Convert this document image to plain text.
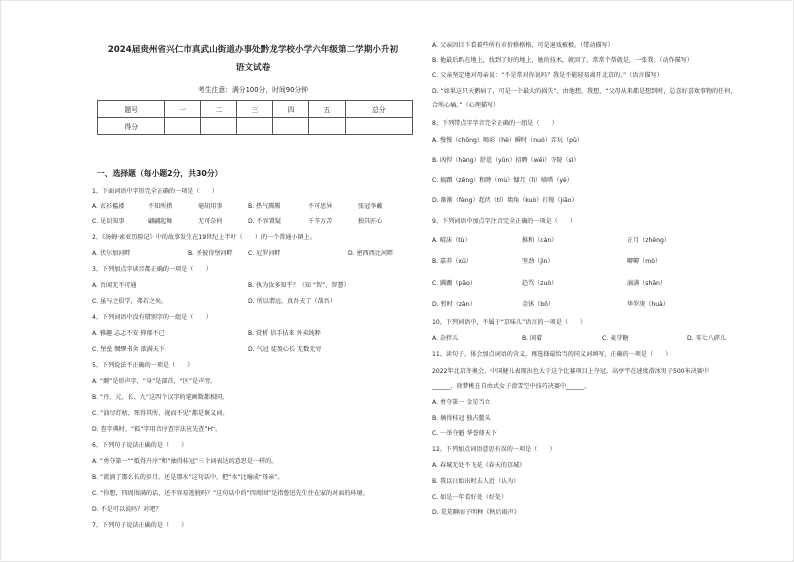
2024届贵州省兴仁市真武山街道办事处黔龙学校小学六年级第二学期小升初
语文试卷
考生注意：满分100分，时间90分钟
题号	一	二	三	四	五	总分
得分						
一、选择题（每小题2分，共30分）
1、下面词语中字形完全正确的一项是（　　）
A. 衣衫褴褛	不知所措	毫胡用事	B. 热气腾腾	不可思异	张冠李戴
C. 见识知事	翩翩起舞	无可奈何	D. 不容置疑	千辛万苦	独具匠心
2、《汤姆·索亚历险记》中的故事发生在19世纪上半叶（　　）的一个普通小镇上。
A. 伏尔加河畔	B. 圣彼得堡河畔	C. 尼罗河畔	D. 密西西比河畔
3、下列加点字读音都正确的一项是（　　）
A. 吾闻无不可通	B. 执为汝多知乎？（知 “智”，智慧）
C. 虽与之俱学，弗若之矣。	D. 所以谓远，真吾天了（哉吾）
4、下列词语中没有错别字的一组是（　　）
A. 雅趣 忐忑不安 抑郁不已	B. 赏析 信手拈来 外卖纯粹
C. 堡垒 绸缪书舍 欲满天下	D. 气冠 徒盈心长 无数无穷
5、下列说法不正确的一项是（　　）
A. “颠”是形声字，“身”是部首，“区”是声旁。
B. “丹、元、长、九”这四个汉字的笔画数都相同。
C. “油尽灯枯、死得其所、视而不见”都是褒义词。
D. 查字典时，“狐”字用音序查字法应先查“H”。
6、下列句子说法正确的是（　　）
A. “勇夺第一”“抵得升序”和“抽得桂冠”三个词表达的意思是一样的。
B. “流淌了那么长的岁月，还是那水”这句话中，把“水”比喻成“母亲”。
C. “你想，四周围满的话，还不容易逃脱吗？”这句话中的“四周围”是指鲁迅先生住在家的对面的环境。
D. 不是可以说吗？对吧？
7、下列句子说法正确的是（　　）
A. 父亲因目下看着些所有市价格格格，可是退戏被极。（带动描写）
B. 他最后趴在地上，找到了好的地上，她的技术，就回了，常常个帮就是，一张我。（动作描写）
C. 父亲坚定地对母亲说：“不是常对你说吗？我是不能轻易离开北京的。”（语言描写）
D. “如果这只天鹅病了，可是一个最大的损失”，由他想，我想，“父母从来都是想到时，总喜好喜欢事物的任何，
合所心痛。”（心理描写）
8、下列带点字字音完全正确的一组是（　　）
A. 慢慢（chōng）喝彩（hè）瞬时（nuó）弄玩（pū）
B. 凶悍（hàng）舒适（yūn）招聘（wēi）寺院（sì）
C. 搞蹭（zēng）和睦（mù）慷月（lì）嘀嗒（yè）
D. 渐渐（fèng）起伏（tí）墙角（kuò）打搅（jiǎo）
9、下列词语中加点字注音完全正确的一项是（　　）
A. 晴沫（tù）	推和（cán）	正月（zhēng）
B. 嘉养（xū）	坚劲（jìn）	噼噼（mò）
C. 蹒跚（pāo）	趋骂（zuò）	漓满（shān）
D. 暂时（zàn）	金钵（bō）	华罗庚（huà）
10、下列词语中，不属于“京味儿”语言的一项是（　　）
A. 杂拌儿	B. 闲着	C. 麦芽糖	D. 零七八碎儿
11、读句子，体会加点词语的含义，再选择最恰当的同义词填写，正确的一项是（　　）
2022年北京冬奥会，中国健儿表现出色大于这个比赛项目上夺冠，高亭宇在速度滑冰男子500米决赛中
______，徐梦桃在自由式女子滑雪空中技巧决赛中______。
A. 勇夺第一 金星当立
B. 摘得桂冠 独占鳌头
C. 一举夺魁 华誉鼎天下
12、下列加点词语意思有误的一项是（　　）
A. 春城无处不飞花《春天的京城》
B. 我以日始出时去人近（认为）
C. 如是一年看好处（好处）
D. 荒荒聊而子明种《秋后雨声》
